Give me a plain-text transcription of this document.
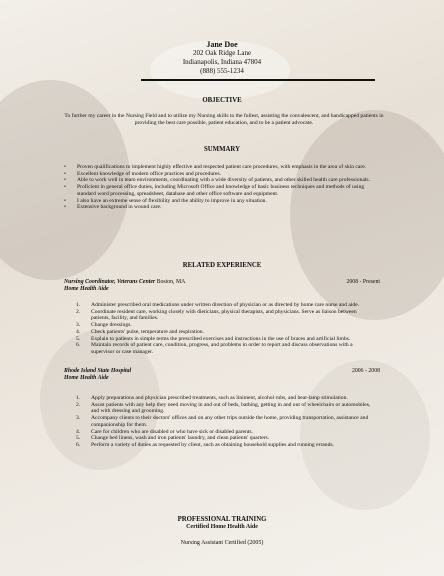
Jane Doe
202 Oak Ridge Lane
Indianapolis, Indiana 47804
(888) 555-1234
OBJECTIVE
To further my career in the Nursing Field and to utilize my Nursing skills to the fullest, assisting the convalescent, and handicapped patients in providing the best care possible, patient education, and to be a patient advocate.
SUMMARY
• Proven qualifications to implement highly effective and respected patient care procedures, with emphasis in the area of skin care.
• Excellent knowledge of modern office practices and procedures.
• Able to work well in team environments, coordinating with a wide diversity of patients, and other skilled health care professionals.
• Proficient in general office duties, including Microsoft Office and knowledge of basic business techniques and methods of using standard word processing, spreadsheet, database and other office software and equipment.
• I also have an extreme sense of flexibility and the ability to improve in any situation.
• Extensive background in wound care.
RELATED EXPERIENCE
Nursing Coordinator, Veterans Center Boston, MA	2008 - Present
Home Health Aide
1. Administer prescribed oral medications under written direction of physician or as directed by home care nurse and aide.
2. Coordinate resident care, working closely with dieticians, physical therapists, and physicians. Serve as liaison between patients, facility, and families.
3. Change dressings.
4. Check patients' pulse, temperature and respiration.
5. Explain to patients in simple terms the prescribed exercises and instructions in the use of braces and artificial limbs.
6. Maintain records of patient care, condition, progress, and problems in order to report and discuss observations with a supervisor or case manager.
Rhode Island State Hospital	2006 - 2008
Home Health Aide
1. Apply preparations and physician prescribed treatments, such as liniment, alcohol rubs, and heat-lamp stimulation.
2. Assist patients with any help they need moving in and out of beds, bathing, getting in and out of wheelchairs or automobiles, and with dressing and grooming.
3. Accompany clients to their doctors' offices and on any other trips outside the home, providing transportation, assistance and companionship for them.
4. Care for children who are disabled or who have sick or disabled parents.
5. Change bed linens, wash and iron patients' laundry, and clean patients' quarters.
6. Perform a variety of duties as requested by client, such as obtaining household supplies and running errands.
PROFESSIONAL TRAINING
Certified Home Health Aide
Nursing Assistant Certified (2005)
